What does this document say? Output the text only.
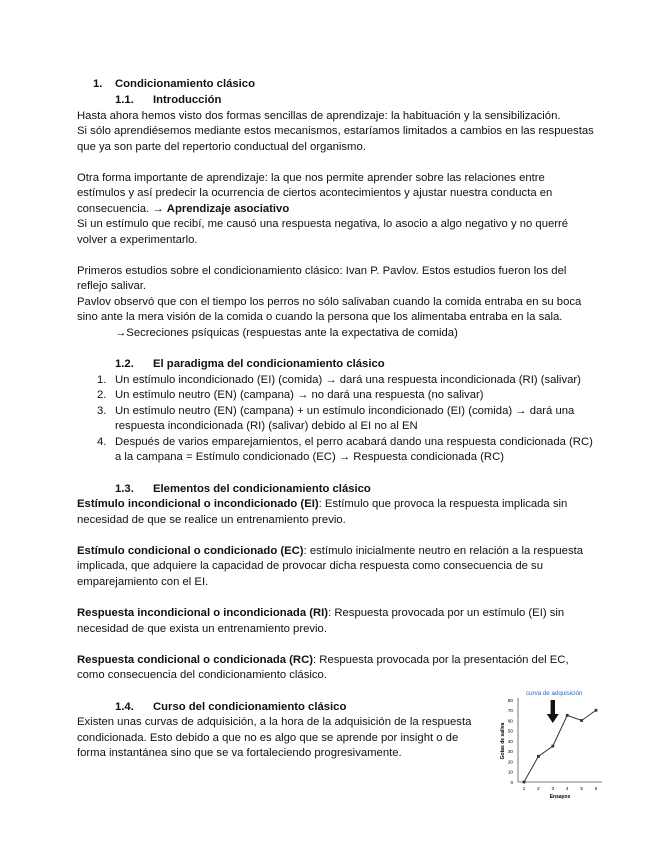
1. Condicionamiento clásico
1.1. Introducción
Hasta ahora hemos visto dos formas sencillas de aprendizaje: la habituación y la sensibilización.
Si sólo aprendiésemos mediante estos mecanismos, estaríamos limitados a cambios en las respuestas
que ya son parte del repertorio conductual del organismo.
Otra forma importante de aprendizaje: la que nos permite aprender sobre las relaciones entre
estímulos y así predecir la ocurrencia de ciertos acontecimientos y ajustar nuestra conducta en
consecuencia. → Aprendizaje asociativo
Si un estímulo que recibí, me causó una respuesta negativa, lo asocio a algo negativo y no querré
volver a experimentarlo.
Primeros estudios sobre el condicionamiento clásico: Ivan P. Pavlov. Estos estudios fueron los del
reflejo salivar.
Pavlov observó que con el tiempo los perros no sólo salivaban cuando la comida entraba en su boca
sino ante la mera visión de la comida o cuando la persona que los alimentaba entraba en la sala.
→Secreciones psíquicas (respuestas ante la expectativa de comida)
1.2. El paradigma del condicionamiento clásico
1. Un estímulo incondicionado (EI) (comida) → dará una respuesta incondicionada (RI) (salivar)
2. Un estímulo neutro (EN) (campana) → no dará una respuesta (no salivar)
3. Un estímulo neutro (EN) (campana) + un estímulo incondicionado (EI) (comida) → dará una
respuesta incondicionada (RI) (salivar) debido al EI no al EN
4. Después de varios emparejamientos, el perro acabará dando una respuesta condicionada (RC)
a la campana = Estímulo condicionado (EC) → Respuesta condicionada (RC)
1.3. Elementos del condicionamiento clásico
Estímulo incondicional o incondicionado (EI): Estímulo que provoca la respuesta implicada sin
necesidad de que se realice un entrenamiento previo.
Estímulo condicional o condicionado (EC): estímulo inicialmente neutro en relación a la respuesta
implicada, que adquiere la capacidad de provocar dicha respuesta como consecuencia de su
emparejamiento con el EI.
Respuesta incondicional o incondicionada (RI): Respuesta provocada por un estímulo (EI) sin
necesidad de que exista un entrenamiento previo.
Respuesta condicional o condicionada (RC): Respuesta provocada por la presentación del EC,
como consecuencia del condicionamiento clásico.
1.4. Curso del condicionamiento clásico
Existen unas curvas de adquisición, a la hora de la adquisición de la respuesta
condicionada. Esto debido a que no es algo que se aprende por insight o de
forma instantánea sino que se va fortaleciendo progresivamente.
0
10
20
30
40
50
60
70
80
1	2	3	4	5	6
curva de adquisición
Ensayos
Gotas de saliva
